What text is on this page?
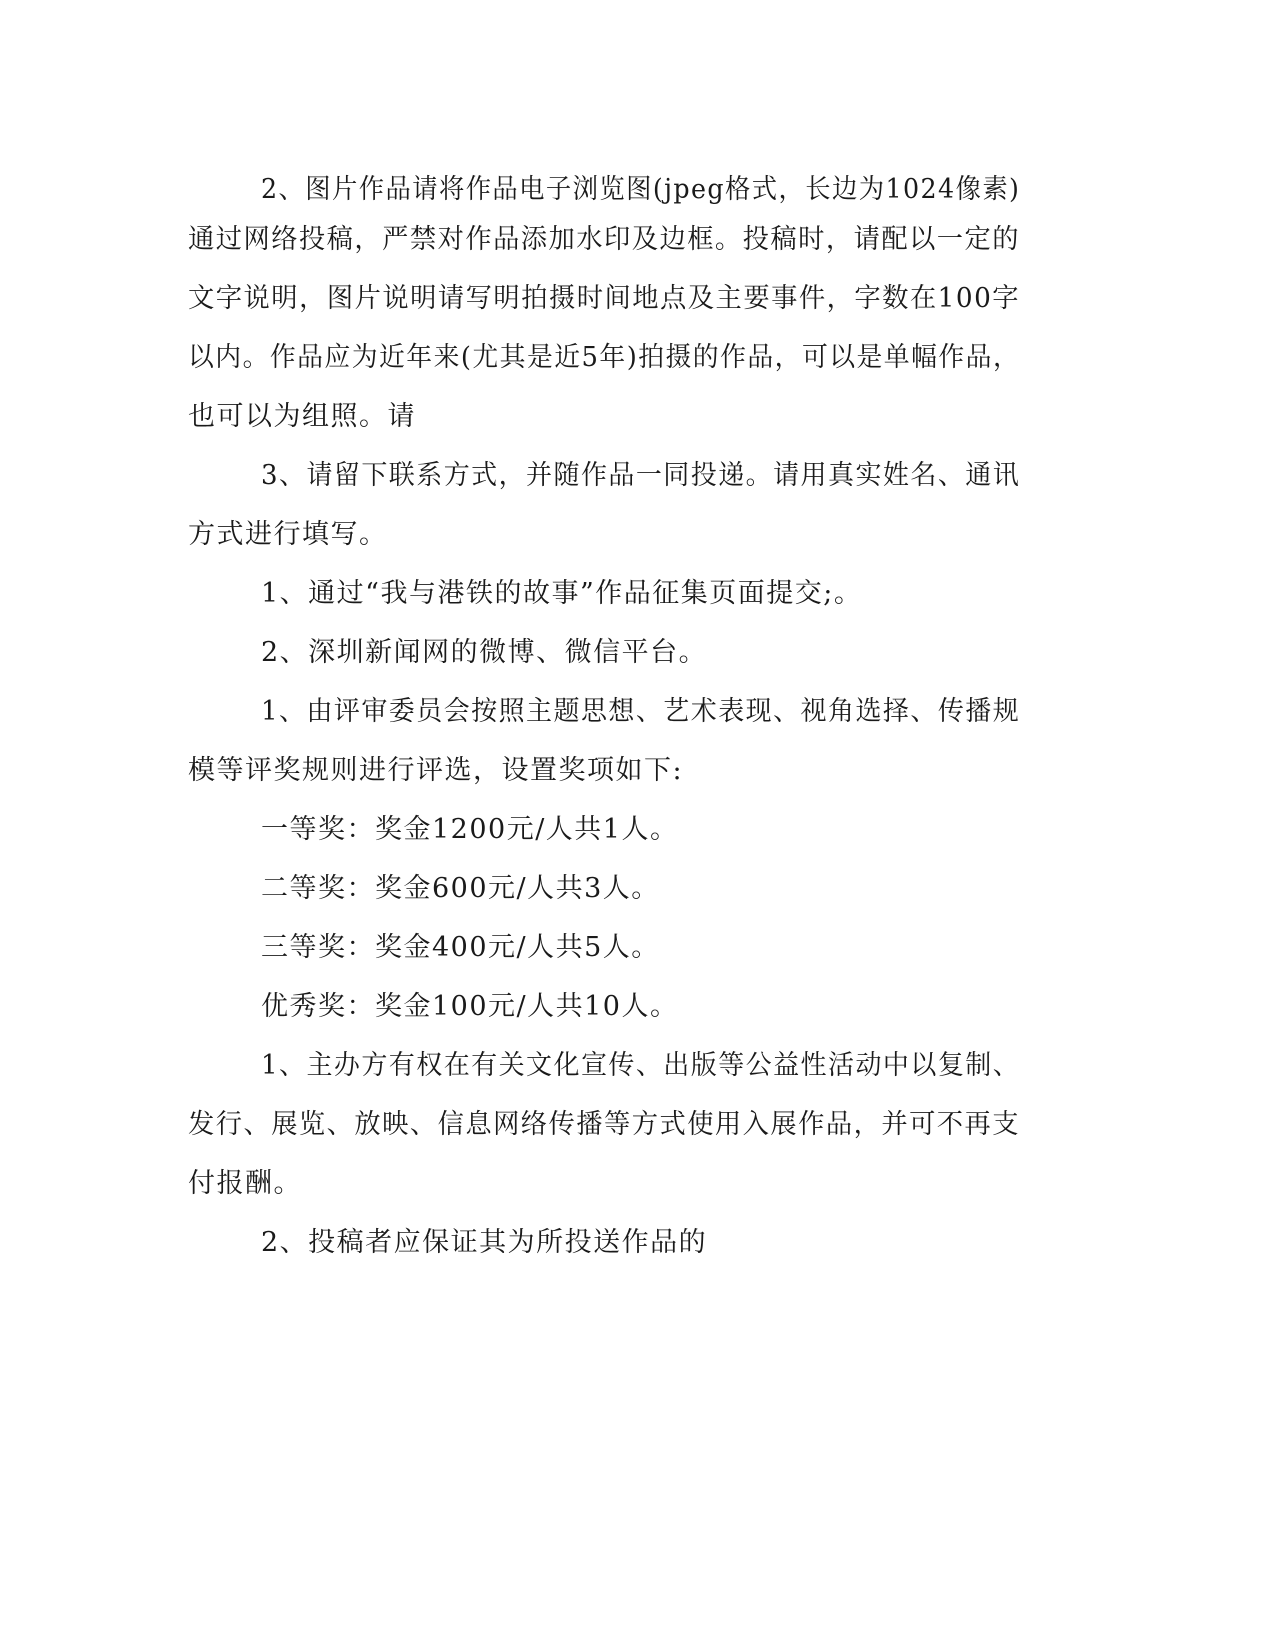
2、图片作品请将作品电子浏览图(jpeg格式，长边为1024像素)
通过网络投稿，严禁对作品添加水印及边框。投稿时，请配以一定的
文字说明，图片说明请写明拍摄时间地点及主要事件，字数在100字
以内。作品应为近年来(尤其是近5年)拍摄的作品，可以是单幅作品，
也可以为组照。请
3、请留下联系方式，并随作品一同投递。请用真实姓名、通讯
方式进行填写。
1、通过“我与港铁的故事”作品征集页面提交;。
2、深圳新闻网的微博、微信平台。
1、由评审委员会按照主题思想、艺术表现、视角选择、传播规
模等评奖规则进行评选，设置奖项如下:
一等奖：奖金1200元/人共1人。
二等奖：奖金600元/人共3人。
三等奖：奖金400元/人共5人。
优秀奖：奖金100元/人共10人。
1、主办方有权在有关文化宣传、出版等公益性活动中以复制、
发行、展览、放映、信息网络传播等方式使用入展作品，并可不再支
付报酬。
2、投稿者应保证其为所投送作品的
